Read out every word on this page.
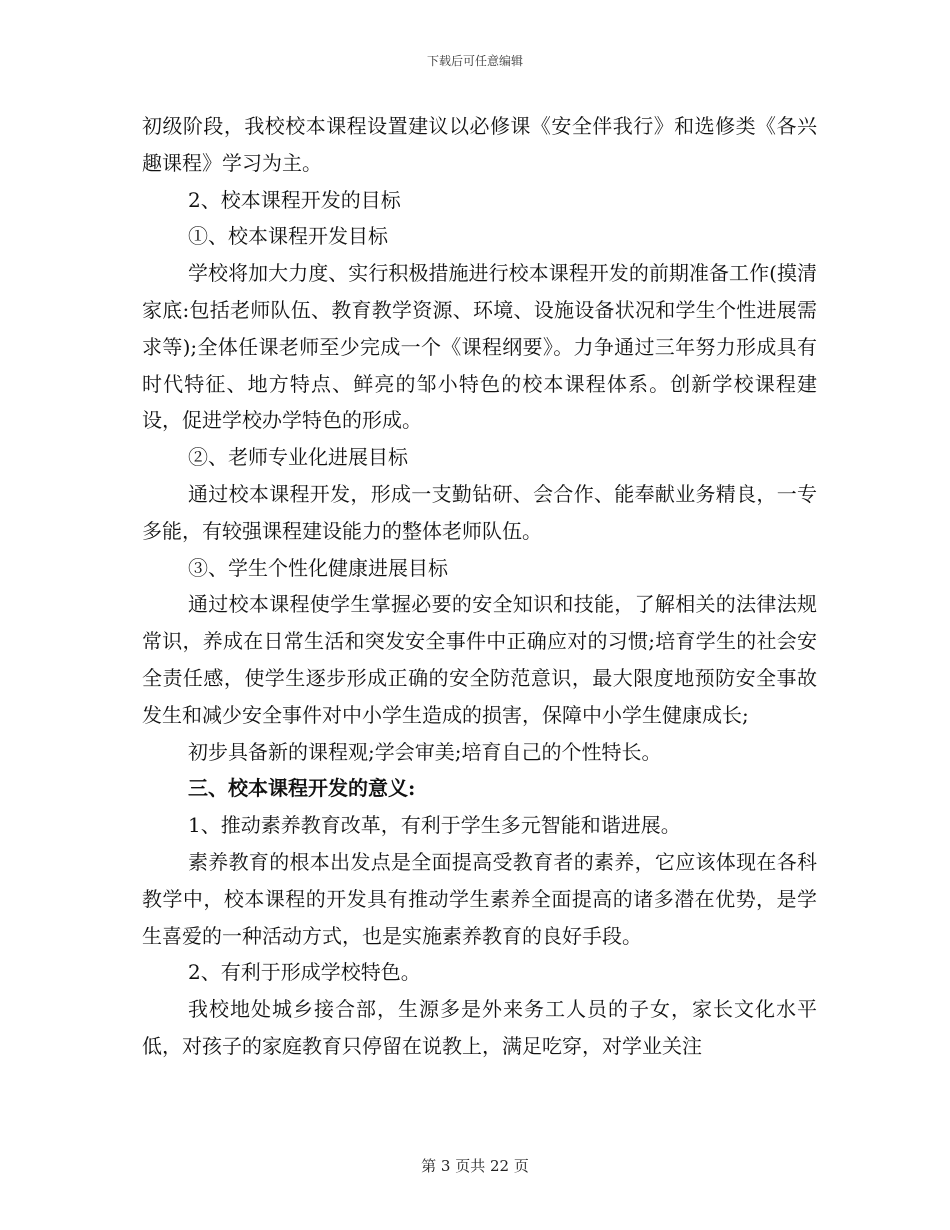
下载后可任意编辑

初级阶段，我校校本课程设置建议以必修课《安全伴我行》和选修类《各兴趣课程》学习为主。

2、校本课程开发的目标

①、校本课程开发目标

学校将加大力度、实行积极措施进行校本课程开发的前期准备工作(摸清家底:包括老师队伍、教育教学资源、环境、设施设备状况和学生个性进展需求等);全体任课老师至少完成一个《课程纲要》。力争通过三年努力形成具有时代特征、地方特点、鲜亮的邹小特色的校本课程体系。创新学校课程建设，促进学校办学特色的形成。

②、老师专业化进展目标

通过校本课程开发，形成一支勤钻研、会合作、能奉献业务精良，一专多能，有较强课程建设能力的整体老师队伍。

③、学生个性化健康进展目标

通过校本课程使学生掌握必要的安全知识和技能，了解相关的法律法规常识，养成在日常生活和突发安全事件中正确应对的习惯;培育学生的社会安全责任感，使学生逐步形成正确的安全防范意识，最大限度地预防安全事故发生和减少安全事件对中小学生造成的损害，保障中小学生健康成长;

初步具备新的课程观;学会审美;培育自己的个性特长。

三、校本课程开发的意义:

1、推动素养教育改革，有利于学生多元智能和谐进展。

素养教育的根本出发点是全面提高受教育者的素养，它应该体现在各科教学中，校本课程的开发具有推动学生素养全面提高的诸多潜在优势，是学生喜爱的一种活动方式，也是实施素养教育的良好手段。

2、有利于形成学校特色。

我校地处城乡接合部，生源多是外来务工人员的子女，家长文化水平低，对孩子的家庭教育只停留在说教上，满足吃穿，对学业关注

第 3 页共 22 页
